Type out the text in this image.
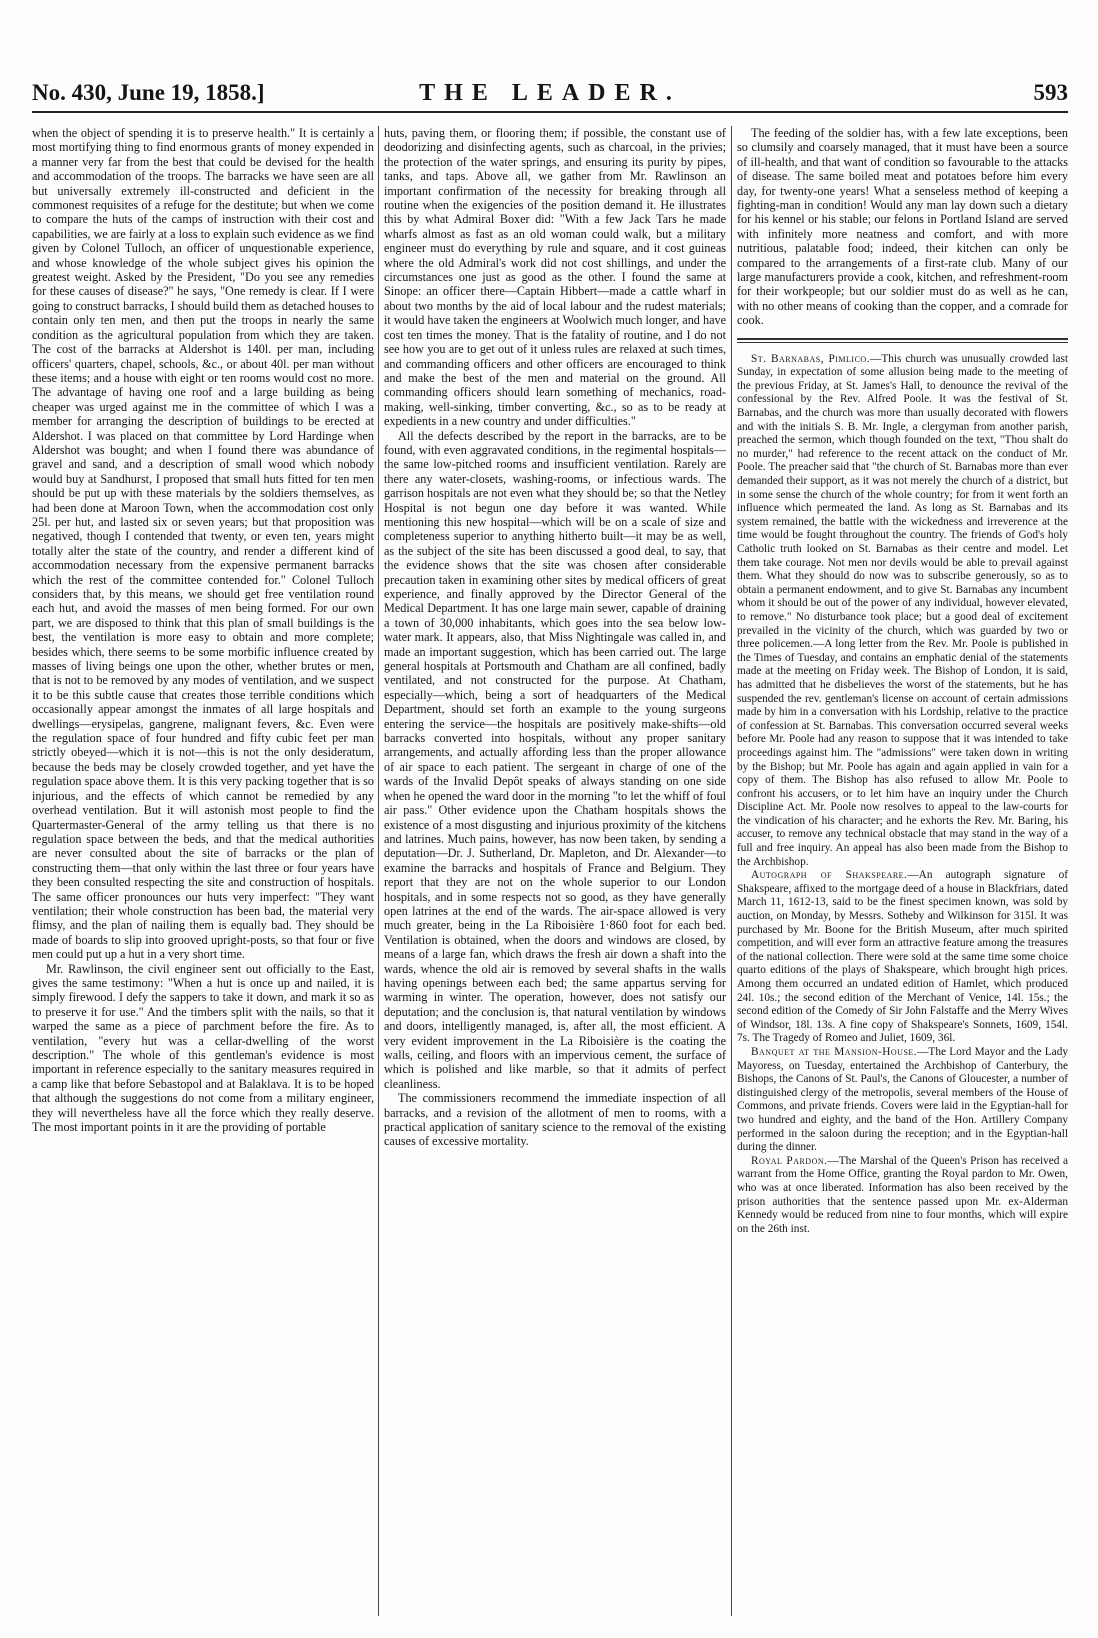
No. 430, June 19, 1858.]	THE LEADER.	593

when the object of spending it is to preserve health." It is certainly a most mortifying thing to find enormous grants of money expended in a manner very far from the best that could be devised for the health and accommodation of the troops. The barracks we have seen are all but universally extremely ill-constructed and deficient in the commonest requisites of a refuge for the destitute; but when we come to compare the huts of the camps of instruction with their cost and capabilities, we are fairly at a loss to explain such evidence as we find given by Colonel Tulloch, an officer of unquestionable experience, and whose knowledge of the whole subject gives his opinion the greatest weight. Asked by the President, "Do you see any remedies for these causes of disease?" he says, "One remedy is clear. If I were going to construct barracks, I should build them as detached houses to contain only ten men, and then put the troops in nearly the same condition as the agricultural population from which they are taken. The cost of the barracks at Aldershot is 140l. per man, including officers' quarters, chapel, schools, &c., or about 40l. per man without these items; and a house with eight or ten rooms would cost no more. The advantage of having one roof and a large building as being cheaper was urged against me in the committee of which I was a member for arranging the description of buildings to be erected at Aldershot. I was placed on that committee by Lord Hardinge when Aldershot was bought; and when I found there was abundance of gravel and sand, and a description of small wood which nobody would buy at Sandhurst, I proposed that small huts fitted for ten men should be put up with these materials by the soldiers themselves, as had been done at Maroon Town, when the accommodation cost only 25l. per hut, and lasted six or seven years; but that proposition was negatived, though I contended that twenty, or even ten, years might totally alter the state of the country, and render a different kind of accommodation necessary from the expensive permanent barracks which the rest of the committee contended for." Colonel Tulloch considers that, by this means, we should get free ventilation round each hut, and avoid the masses of men being formed. For our own part, we are disposed to think that this plan of small buildings is the best, the ventilation is more easy to obtain and more complete; besides which, there seems to be some morbific influence created by masses of living beings one upon the other, whether brutes or men, that is not to be removed by any modes of ventilation, and we suspect it to be this subtle cause that creates those terrible conditions which occasionally appear amongst the inmates of all large hospitals and dwellings—erysipelas, gangrene, malignant fevers, &c. Even were the regulation space of four hundred and fifty cubic feet per man strictly obeyed—which it is not—this is not the only desideratum, because the beds may be closely crowded together, and yet have the regulation space above them. It is this very packing together that is so injurious, and the effects of which cannot be remedied by any overhead ventilation. But it will astonish most people to find the Quartermaster-General of the army telling us that there is no regulation space between the beds, and that the medical authorities are never consulted about the site of barracks or the plan of constructing them—that only within the last three or four years have they been consulted respecting the site and construction of hospitals. The same officer pronounces our huts very imperfect: "They want ventilation; their whole construction has been bad, the material very flimsy, and the plan of nailing them is equally bad. They should be made of boards to slip into grooved upright-posts, so that four or five men could put up a hut in a very short time.

Mr. Rawlinson, the civil engineer sent out officially to the East, gives the same testimony: "When a hut is once up and nailed, it is simply firewood. I defy the sappers to take it down, and mark it so as to preserve it for use." And the timbers split with the nails, so that it warped the same as a piece of parchment before the fire. As to ventilation, "every hut was a cellar-dwelling of the worst description." The whole of this gentleman's evidence is most important in reference especially to the sanitary measures required in a camp like that before Sebastopol and at Balaklava. It is to be hoped that although the suggestions do not come from a military engineer, they will nevertheless have all the force which they really deserve. The most important points in it are the providing of portable

huts, paving them, or flooring them; if possible, the constant use of deodorizing and disinfecting agents, such as charcoal, in the privies; the protection of the water springs, and ensuring its purity by pipes, tanks, and taps. Above all, we gather from Mr. Rawlinson an important confirmation of the necessity for breaking through all routine when the exigencies of the position demand it. He illustrates this by what Admiral Boxer did: "With a few Jack Tars he made wharfs almost as fast as an old woman could walk, but a military engineer must do everything by rule and square, and it cost guineas where the old Admiral's work did not cost shillings, and under the circumstances one just as good as the other. I found the same at Sinope: an officer there—Captain Hibbert—made a cattle wharf in about two months by the aid of local labour and the rudest materials; it would have taken the engineers at Woolwich much longer, and have cost ten times the money. That is the fatality of routine, and I do not see how you are to get out of it unless rules are relaxed at such times, and commanding officers and other officers are encouraged to think and make the best of the men and material on the ground. All commanding officers should learn something of mechanics, road-making, well-sinking, timber converting, &c., so as to be ready at expedients in a new country and under difficulties."

All the defects described by the report in the barracks, are to be found, with even aggravated conditions, in the regimental hospitals—the same low-pitched rooms and insufficient ventilation. Rarely are there any water-closets, washing-rooms, or infectious wards. The garrison hospitals are not even what they should be; so that the Netley Hospital is not begun one day before it was wanted. While mentioning this new hospital—which will be on a scale of size and completeness superior to anything hitherto built—it may be as well, as the subject of the site has been discussed a good deal, to say, that the evidence shows that the site was chosen after considerable precaution taken in examining other sites by medical officers of great experience, and finally approved by the Director General of the Medical Department. It has one large main sewer, capable of draining a town of 30,000 inhabitants, which goes into the sea below low-water mark. It appears, also, that Miss Nightingale was called in, and made an important suggestion, which has been carried out. The large general hospitals at Portsmouth and Chatham are all confined, badly ventilated, and not constructed for the purpose. At Chatham, especially—which, being a sort of headquarters of the Medical Department, should set forth an example to the young surgeons entering the service—the hospitals are positively make-shifts—old barracks converted into hospitals, without any proper sanitary arrangements, and actually affording less than the proper allowance of air space to each patient. The sergeant in charge of one of the wards of the Invalid Depôt speaks of always standing on one side when he opened the ward door in the morning "to let the whiff of foul air pass." Other evidence upon the Chatham hospitals shows the existence of a most disgusting and injurious proximity of the kitchens and latrines. Much pains, however, has now been taken, by sending a deputation—Dr. J. Sutherland, Dr. Mapleton, and Dr. Alexander—to examine the barracks and hospitals of France and Belgium. They report that they are not on the whole superior to our London hospitals, and in some respects not so good, as they have generally open latrines at the end of the wards. The air-space allowed is very much greater, being in the La Riboisière 1·860 foot for each bed. Ventilation is obtained, when the doors and windows are closed, by means of a large fan, which draws the fresh air down a shaft into the wards, whence the old air is removed by several shafts in the walls having openings between each bed; the same appartus serving for warming in winter. The operation, however, does not satisfy our deputation; and the conclusion is, that natural ventilation by windows and doors, intelligently managed, is, after all, the most efficient. A very evident improvement in the La Riboisière is the coating the walls, ceiling, and floors with an impervious cement, the surface of which is polished and like marble, so that it admits of perfect cleanliness.

The commissioners recommend the immediate inspection of all barracks, and a revision of the allotment of men to rooms, with a practical application of sanitary science to the removal of the existing causes of excessive mortality.

The feeding of the soldier has, with a few late exceptions, been so clumsily and coarsely managed, that it must have been a source of ill-health, and that want of condition so favourable to the attacks of disease. The same boiled meat and potatoes before him every day, for twenty-one years! What a senseless method of keeping a fighting-man in condition! Would any man lay down such a dietary for his kennel or his stable; our felons in Portland Island are served with infinitely more neatness and comfort, and with more nutritious, palatable food; indeed, their kitchen can only be compared to the arrangements of a first-rate club. Many of our large manufacturers provide a cook, kitchen, and refreshment-room for their workpeople; but our soldier must do as well as he can, with no other means of cooking than the copper, and a comrade for cook.

St. Barnabas, Pimlico.—This church was unusually crowded last Sunday, in expectation of some allusion being made to the meeting of the previous Friday, at St. James's Hall, to denounce the revival of the confessional by the Rev. Alfred Poole. It was the festival of St. Barnabas, and the church was more than usually decorated with flowers and with the initials S. B. Mr. Ingle, a clergyman from another parish, preached the sermon, which though founded on the text, "Thou shalt do no murder," had reference to the recent attack on the conduct of Mr. Poole. The preacher said that "the church of St. Barnabas more than ever demanded their support, as it was not merely the church of a district, but in some sense the church of the whole country; for from it went forth an influence which permeated the land. As long as St. Barnabas and its system remained, the battle with the wickedness and irreverence at the time would be fought throughout the country. The friends of God's holy Catholic truth looked on St. Barnabas as their centre and model. Let them take courage. Not men nor devils would be able to prevail against them. What they should do now was to subscribe generously, so as to obtain a permanent endowment, and to give St. Barnabas any incumbent whom it should be out of the power of any individual, however elevated, to remove." No disturbance took place; but a good deal of excitement prevailed in the vicinity of the church, which was guarded by two or three policemen.—A long letter from the Rev. Mr. Poole is published in the Times of Tuesday, and contains an emphatic denial of the statements made at the meeting on Friday week. The Bishop of London, it is said, has admitted that he disbelieves the worst of the statements, but he has suspended the rev. gentleman's license on account of certain admissions made by him in a conversation with his Lordship, relative to the practice of confession at St. Barnabas. This conversation occurred several weeks before Mr. Poole had any reason to suppose that it was intended to take proceedings against him. The "admissions" were taken down in writing by the Bishop; but Mr. Poole has again and again applied in vain for a copy of them. The Bishop has also refused to allow Mr. Poole to confront his accusers, or to let him have an inquiry under the Church Discipline Act. Mr. Poole now resolves to appeal to the law-courts for the vindication of his character; and he exhorts the Rev. Mr. Baring, his accuser, to remove any technical obstacle that may stand in the way of a full and free inquiry. An appeal has also been made from the Bishop to the Archbishop.

Autograph of Shakspeare.—An autograph signature of Shakspeare, affixed to the mortgage deed of a house in Blackfriars, dated March 11, 1612-13, said to be the finest specimen known, was sold by auction, on Monday, by Messrs. Sotheby and Wilkinson for 315l. It was purchased by Mr. Boone for the British Museum, after much spirited competition, and will ever form an attractive feature among the treasures of the national collection. There were sold at the same time some choice quarto editions of the plays of Shakspeare, which brought high prices. Among them occurred an undated edition of Hamlet, which produced 24l. 10s.; the second edition of the Merchant of Venice, 14l. 15s.; the second edition of the Comedy of Sir John Falstaffe and the Merry Wives of Windsor, 18l. 13s. A fine copy of Shakspeare's Sonnets, 1609, 154l. 7s. The Tragedy of Romeo and Juliet, 1609, 36l.

Banquet at the Mansion-House.—The Lord Mayor and the Lady Mayoress, on Tuesday, entertained the Archbishop of Canterbury, the Bishops, the Canons of St. Paul's, the Canons of Gloucester, a number of distinguished clergy of the metropolis, several members of the House of Commons, and private friends. Covers were laid in the Egyptian-hall for two hundred and eighty, and the band of the Hon. Artillery Company performed in the saloon during the reception; and in the Egyptian-hall during the dinner.

Royal Pardon.—The Marshal of the Queen's Prison has received a warrant from the Home Office, granting the Royal pardon to Mr. Owen, who was at once liberated. Information has also been received by the prison authorities that the sentence passed upon Mr. ex-Alderman Kennedy would be reduced from nine to four months, which will expire on the 26th inst.
